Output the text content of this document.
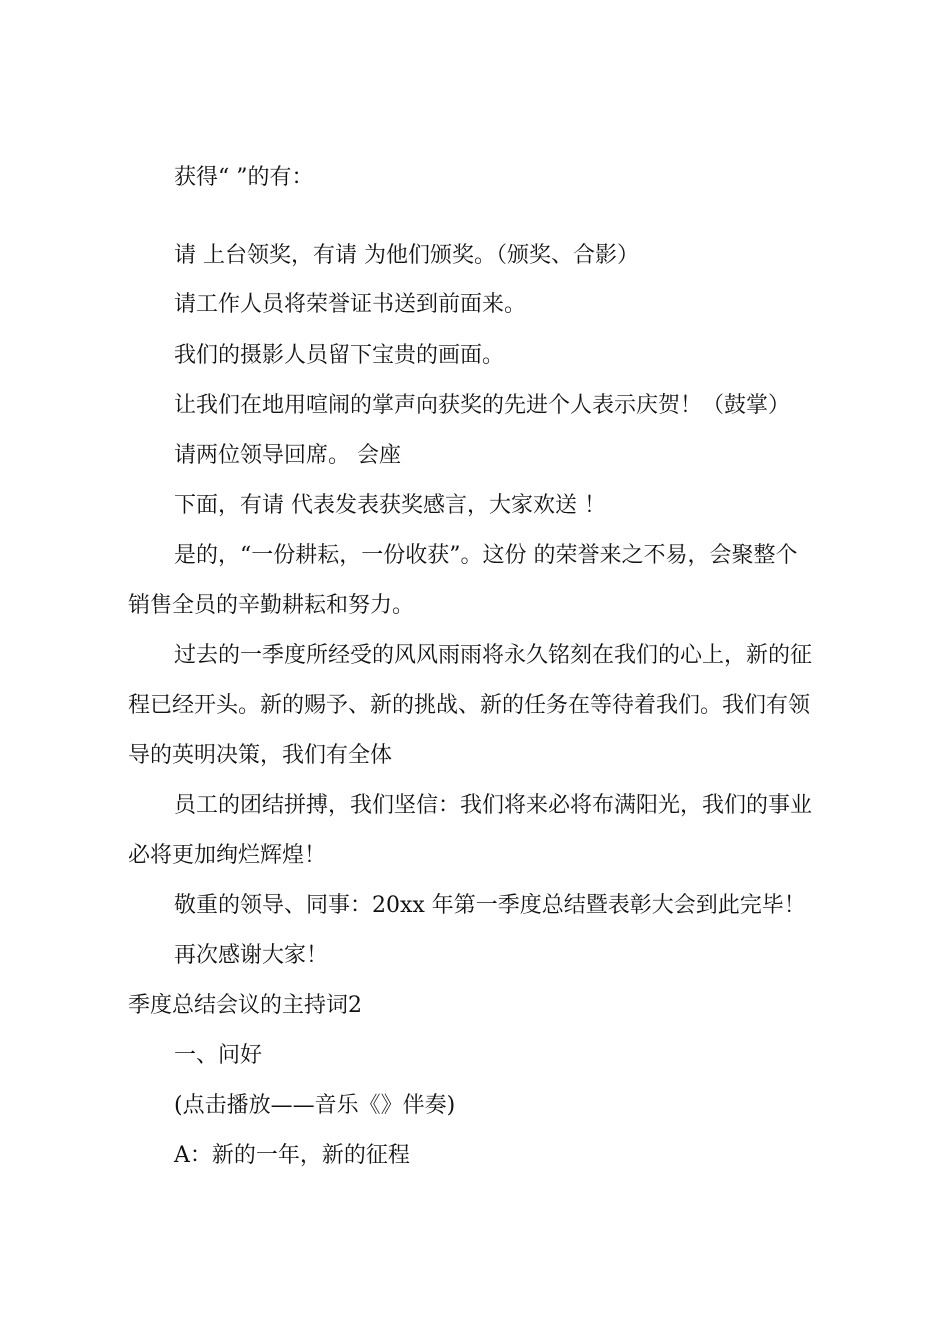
获得“ ”的有：
请 上台领奖，有请 为他们颁奖。（颁奖、合影）
请工作人员将荣誉证书送到前面来。
我们的摄影人员留下宝贵的画面。
让我们在地用喧闹的掌声向获奖的先进个人表示庆贺！（鼓掌）
请两位领导回席。 会座
下面，有请 代表发表获奖感言，大家欢送 ！
是的，“一份耕耘，一份收获”。这份 的荣誉来之不易，会聚整个
销售全员的辛勤耕耘和努力。
过去的一季度所经受的风风雨雨将永久铭刻在我们的心上，新的征
程已经开头。新的赐予、新的挑战、新的任务在等待着我们。我们有领
导的英明决策，我们有全体
员工的团结拼搏，我们坚信：我们将来必将布满阳光，我们的事业
必将更加绚烂辉煌！
敬重的领导、同事：20xx 年第一季度总结暨表彰大会到此完毕！
再次感谢大家！
季度总结会议的主持词2
一、问好
(点击播放——音乐《》伴奏)
A：新的一年，新的征程
